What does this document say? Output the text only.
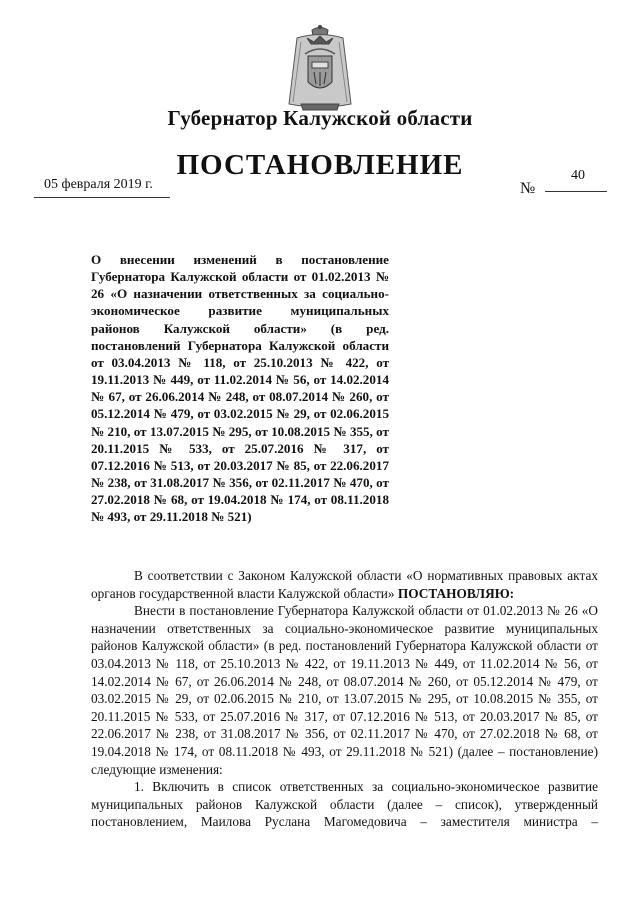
Губернатор Калужской области
ПОСТАНОВЛЕНИЕ
05 февраля 2019 г.
40
№

О внесении изменений в постановление Губернатора Калужской области от 01.02.2013 № 26 «О назначении ответственных за социально-экономическое развитие муниципальных районов Калужской области» (в ред. постановлений Губернатора Калужской области от 03.04.2013 № 118, от 25.10.2013 № 422, от 19.11.2013 № 449, от 11.02.2014 № 56, от 14.02.2014 № 67, от 26.06.2014 № 248, от 08.07.2014 № 260, от 05.12.2014 № 479, от 03.02.2015 № 29, от 02.06.2015 № 210, от 13.07.2015 № 295, от 10.08.2015 № 355, от 20.11.2015 № 533, от 25.07.2016 № 317, от 07.12.2016 № 513, от 20.03.2017 № 85, от 22.06.2017 № 238, от 31.08.2017 № 356, от 02.11.2017 № 470, от 27.02.2018 № 68, от 19.04.2018 № 174, от 08.11.2018 № 493, от 29.11.2018 № 521)

В соответствии с Законом Калужской области «О нормативных правовых актах органов государственной власти Калужской области» ПОСТАНОВЛЯЮ:

Внести в постановление Губернатора Калужской области от 01.02.2013 № 26 «О назначении ответственных за социально-экономическое развитие муниципальных районов Калужской области» (в ред. постановлений Губернатора Калужской области от 03.04.2013 № 118, от 25.10.2013 № 422, от 19.11.2013 № 449, от 11.02.2014 № 56, от 14.02.2014 № 67, от 26.06.2014 № 248, от 08.07.2014 № 260, от 05.12.2014 № 479, от 03.02.2015 № 29, от 02.06.2015 № 210, от 13.07.2015 № 295, от 10.08.2015 № 355, от 20.11.2015 № 533, от 25.07.2016 № 317, от 07.12.2016 № 513, от 20.03.2017 № 85, от 22.06.2017 № 238, от 31.08.2017 № 356, от 02.11.2017 № 470, от 27.02.2018 № 68, от 19.04.2018 № 174, от 08.11.2018 № 493, от 29.11.2018 № 521) (далее – постановление) следующие изменения:

1. Включить в список ответственных за социально-экономическое развитие муниципальных районов Калужской области (далее – список), утвержденный постановлением, Маилова Руслана Магомедовича – заместителя министра –
